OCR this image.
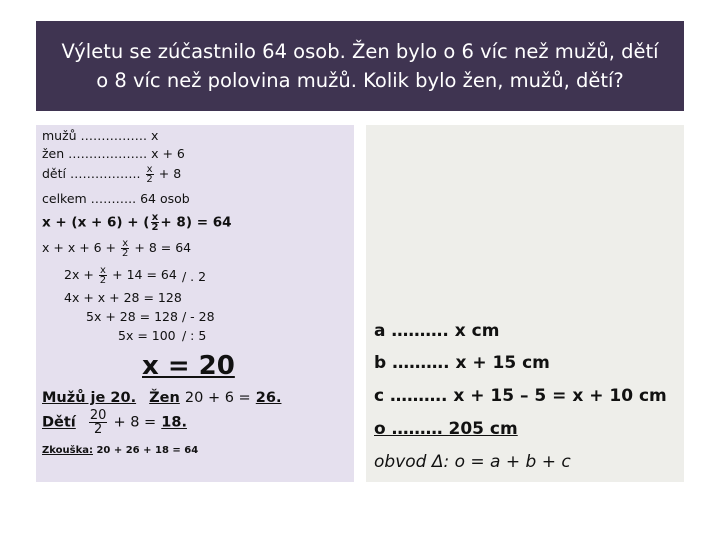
Výletu se zúčastnilo 64 osob. Žen bylo o 6 víc než mužů, dětí
o 8 víc než polovina mužů. Kolik bylo žen, mužů, dětí?
mužů ……………. x
žen ………………. x + 6
dětí …………….. $\frac{x}{2} + 8$
celkem ……….. 64 osob
x + (x + 6) + ( $\frac{x}{2} + 8) = 64$
$x + x + 6 + \frac{x}{2} + 8 = 64$
$2x + \frac{x}{2} + 14 = 64$ / . 2
4x + x + 28 = 128
5x + 28 = 128 / - 28
5x = 100 / : 5
x = 20
Mužů je 20. Žen 20 + 6 = 26.
Dětí $\frac{20}{2} + 8 = 18$.
Zkouška: 20 + 26 + 18 = 64
a ………. x cm
b ………. x + 15 cm
c ………. x + 15 – 5 = x + 10 cm
o ……… 205 cm
obvod Δ: o = a + b + c
